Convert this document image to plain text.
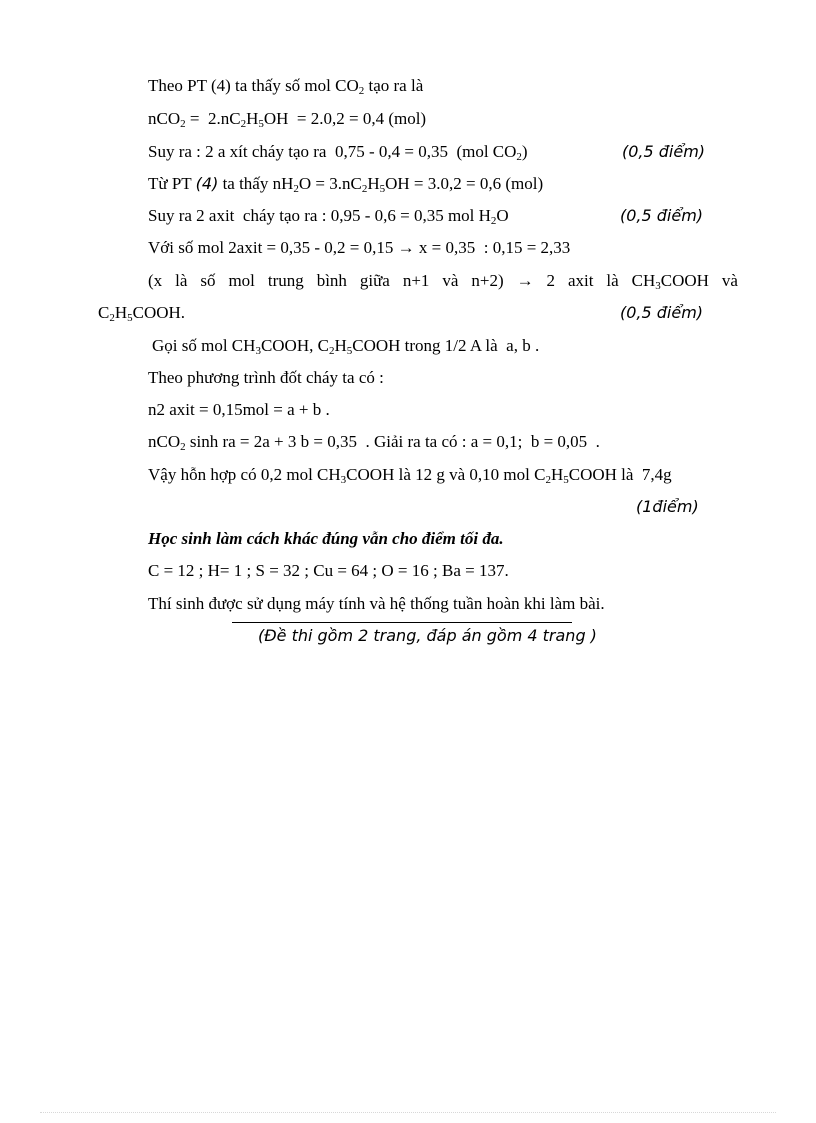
Theo PT (4) ta thấy số mol $CO_2$ tạo ra là
$nCO_2 = 2.nC_2H_5OH = 2.0,2 = 0,4$ (mol)
Suy ra : 2 a xít cháy tạo ra  0,75 - 0,4 = 0,35  (mol $CO_2$)	(0,5 điểm)
Từ PT (4) ta thấy $nH_2O = 3.nC_2H_5OH = 3.0,2 = 0,6$ (mol)
Suy ra 2 axit  cháy tạo ra : 0,95 - 0,6 = 0,35 mol $H_2O$	(0,5 điểm)
Với số mol 2axit = 0,35 - 0,2 = 0,15 → x = 0,35  : 0,15 = 2,33
(x là số mol trung bình giữa n+1 và n+2) → 2 axit là $CH_3COOH$ và
$C_2H_5COOH$.	(0,5 điểm)
Gọi số mol $CH_3COOH$, $C_2H_5COOH$ trong 1/2 A là  a, b .
Theo phương trình đốt cháy ta có :
n2 axit = 0,15mol = a + b .
nCO$_2$ sinh ra = 2a + 3 b = 0,35  . Giải ra ta có : a = 0,1;  b = 0,05  .
Vậy hỗn hợp có 0,2 mol $CH_3COOH$ là 12 g và 0,10 mol $C_2H_5COOH$ là  7,4g
(1điểm)
Học sinh làm cách khác đúng vẫn cho điểm tối đa.
C = 12 ; H= 1 ; S = 32 ; Cu = 64 ; O = 16 ; Ba = 137.
Thí sinh được sử dụng máy tính và hệ thống tuần hoàn khi làm bài.
(Đề thi gồm 2 trang, đáp án gồm 4 trang )
